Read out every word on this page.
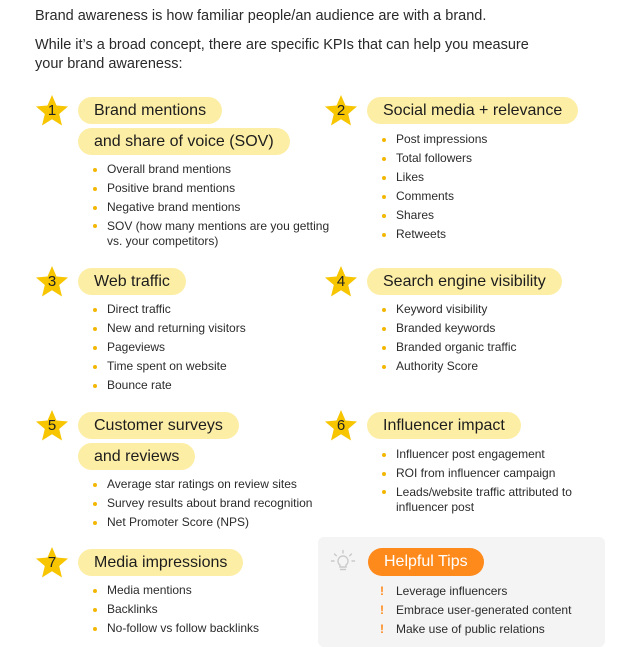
Brand awareness is how familiar people/an audience are with a brand.
While it’s a broad concept, there are specific KPIs that can help you measure your brand awareness:
1	Brand mentions
and share of voice (SOV)
Overall brand mentions
Positive brand mentions
Negative brand mentions
SOV (how many mentions are you getting vs. your competitors)
2	Social media + relevance
Post impressions
Total followers
Likes
Comments
Shares
Retweets
3	Web traffic
Direct traffic
New and returning visitors
Pageviews
Time spent on website
Bounce rate
4	Search engine visibility
Keyword visibility
Branded keywords
Branded organic traffic
Authority Score
5	Customer surveys
and reviews
Average star ratings on review sites
Survey results about brand recognition
Net Promoter Score (NPS)
6	Influencer impact
Influencer post engagement
ROI from influencer campaign
Leads/website traffic attributed to influencer post
7	Media impressions
Media mentions
Backlinks
No-follow vs follow backlinks
Helpful Tips
! Leverage influencers
! Embrace user-generated content
! Make use of public relations
